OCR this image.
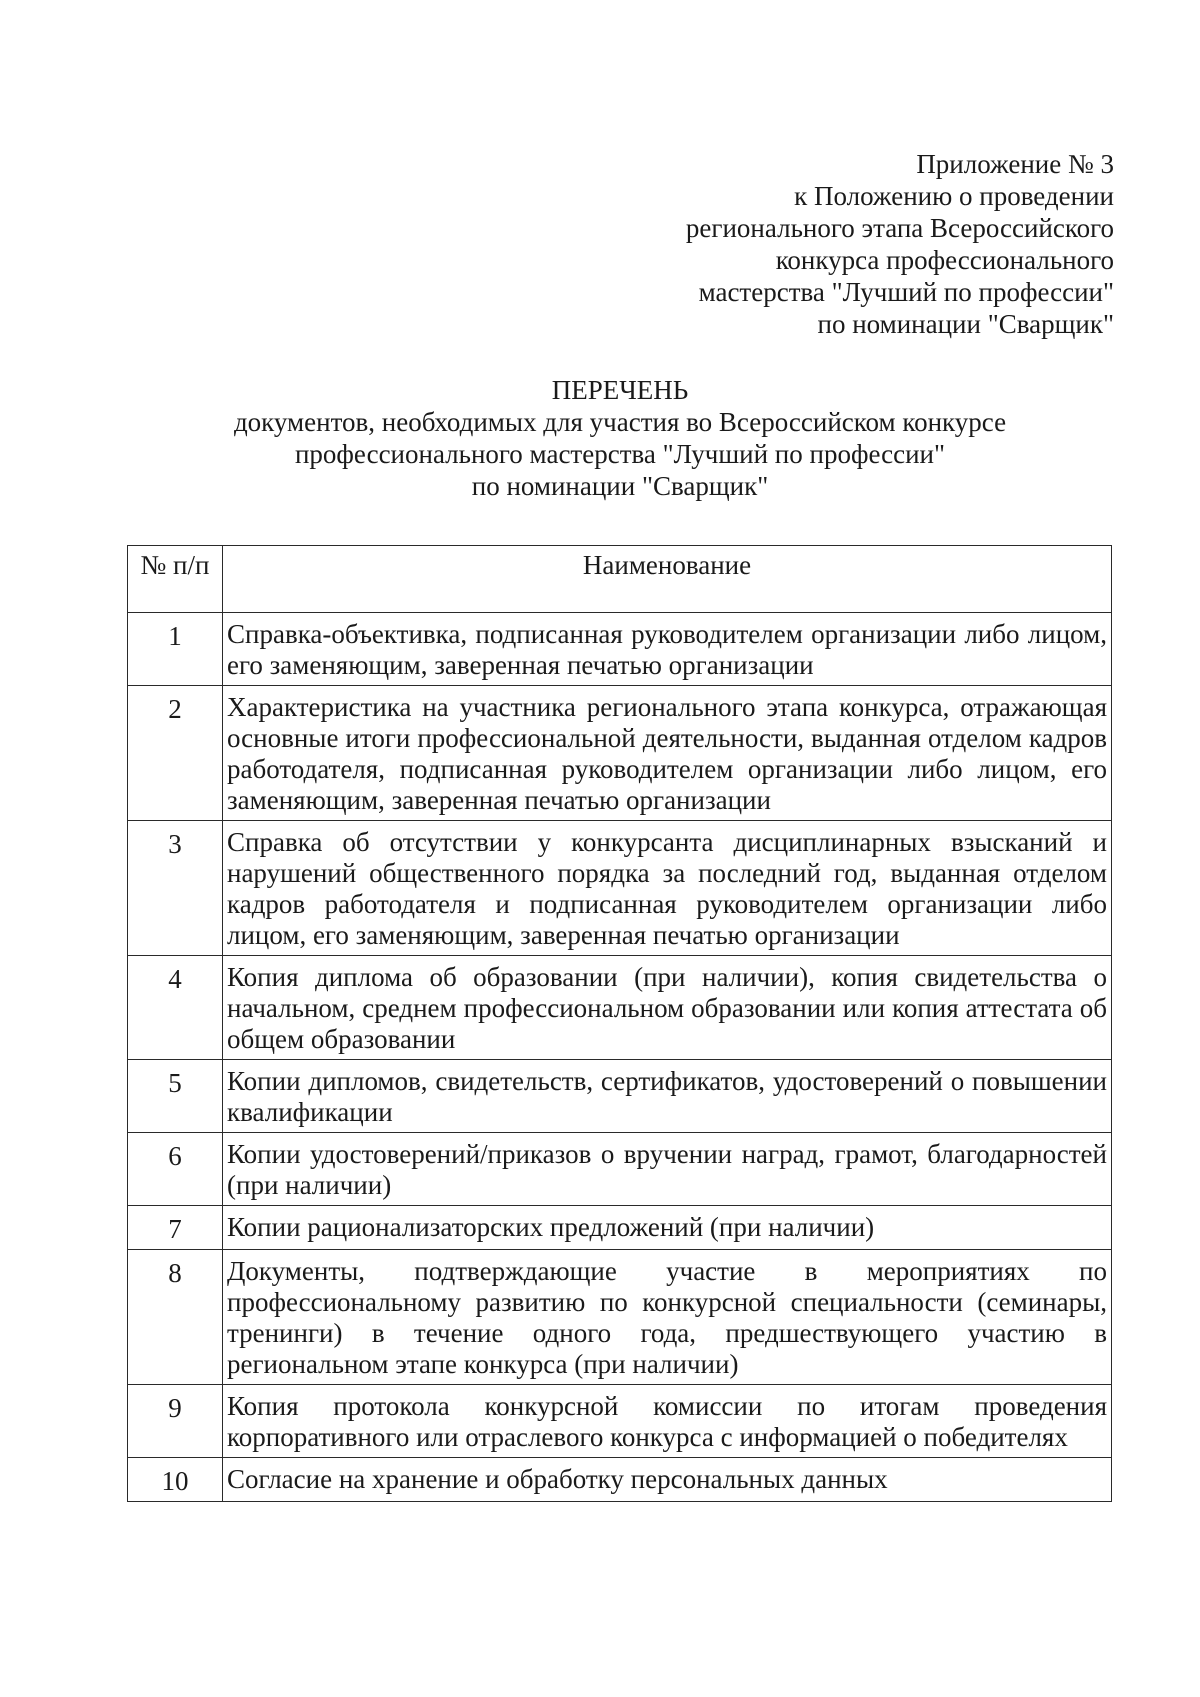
Приложение № 3
к Положению о проведении
регионального этапа Всероссийского
конкурса профессионального
мастерства "Лучший по профессии"
по номинации "Сварщик"
ПЕРЕЧЕНЬ
документов, необходимых для участия во Всероссийском конкурсе
профессионального мастерства "Лучший по профессии"
по номинации "Сварщик"
№ п/п	Наименование
1	Справка-объективка, подписанная руководителем организации либо лицом, его заменяющим, заверенная печатью организации
2	Характеристика на участника регионального этапа конкурса, отражающая основные итоги профессиональной деятельности, выданная отделом кадров работодателя, подписанная руководителем организации либо лицом, его заменяющим, заверенная печатью организации
3	Справка об отсутствии у конкурсанта дисциплинарных взысканий и нарушений общественного порядка за последний год, выданная отделом кадров работодателя и подписанная руководителем организации либо лицом, его заменяющим, заверенная печатью организации
4	Копия диплома об образовании (при наличии), копия свидетельства о начальном, среднем профессиональном образовании или копия аттестата об общем образовании
5	Копии дипломов, свидетельств, сертификатов, удостоверений о повышении квалификации
6	Копии удостоверений/приказов о вручении наград, грамот, благодарностей (при наличии)
7	Копии рационализаторских предложений (при наличии)
8	Документы, подтверждающие участие в мероприятиях по профессиональному развитию по конкурсной специальности (семинары, тренинги) в течение одного года, предшествующего участию в региональном этапе конкурса (при наличии)
9	Копия протокола конкурсной комиссии по итогам проведения корпоративного или отраслевого конкурса с информацией о победителях
10	Согласие на хранение и обработку персональных данных
